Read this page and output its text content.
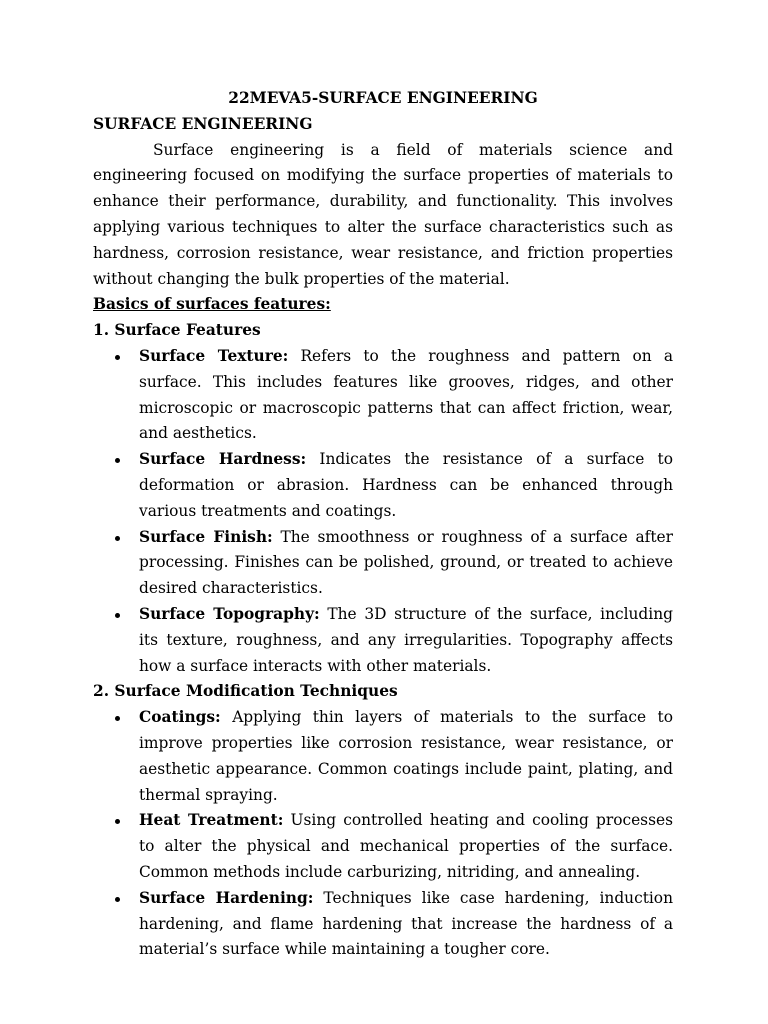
22MEVA5-SURFACE ENGINEERING

SURFACE ENGINEERING

Surface engineering is a field of materials science and engineering focused on modifying the surface properties of materials to enhance their performance, durability, and functionality. This involves applying various techniques to alter the surface characteristics such as hardness, corrosion resistance, wear resistance, and friction properties without changing the bulk properties of the material.

Basics of surfaces features:

1. Surface Features

Surface Texture: Refers to the roughness and pattern on a surface. This includes features like grooves, ridges, and other microscopic or macroscopic patterns that can affect friction, wear, and aesthetics.
Surface Hardness: Indicates the resistance of a surface to deformation or abrasion. Hardness can be enhanced through various treatments and coatings.
Surface Finish: The smoothness or roughness of a surface after processing. Finishes can be polished, ground, or treated to achieve desired characteristics.
Surface Topography: The 3D structure of the surface, including its texture, roughness, and any irregularities. Topography affects how a surface interacts with other materials.

2. Surface Modification Techniques

Coatings: Applying thin layers of materials to the surface to improve properties like corrosion resistance, wear resistance, or aesthetic appearance. Common coatings include paint, plating, and thermal spraying.
Heat Treatment: Using controlled heating and cooling processes to alter the physical and mechanical properties of the surface. Common methods include carburizing, nitriding, and annealing.
Surface Hardening: Techniques like case hardening, induction hardening, and flame hardening that increase the hardness of a material’s surface while maintaining a tougher core.
